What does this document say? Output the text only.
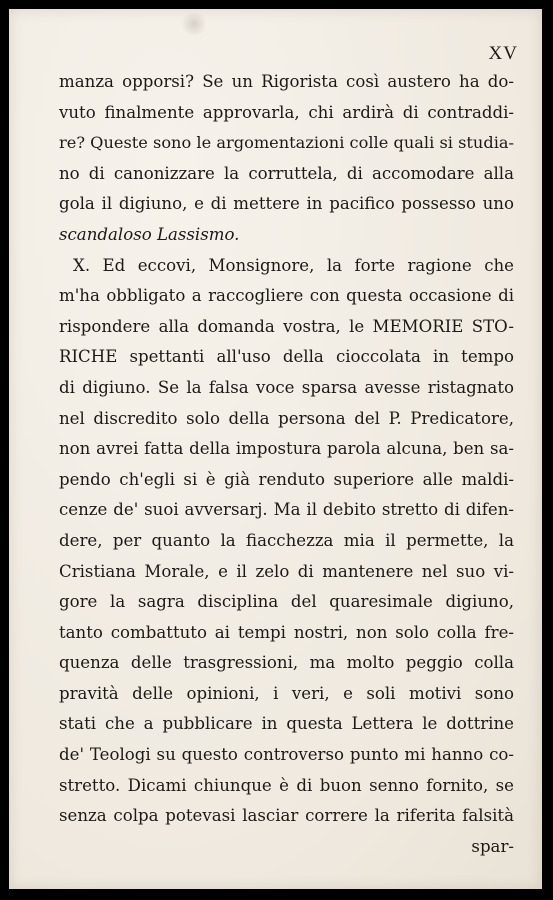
XV
manza opporsi? Se un Rigorista così austero ha do-
vuto finalmente approvarla, chi ardirà di contraddi-
re? Queste sono le argomentazioni colle quali si studia-
no di canonizzare la corruttela, di accomodare alla
gola il digiuno, e di mettere in pacifico possesso uno
scandaloso Lassismo.
X. Ed eccovi, Monsignore, la forte ragione che
m'ha obbligato a raccogliere con questa occasione di
rispondere alla domanda vostra, le MEMORIE STO-
RICHE spettanti all'uso della cioccolata in tempo
di digiuno. Se la falsa voce sparsa avesse ristagnato
nel discredito solo della persona del P. Predicatore,
non avrei fatta della impostura parola alcuna, ben sa-
pendo ch'egli si è già renduto superiore alle maldi-
cenze de' suoi avversarj. Ma il debito stretto di difen-
dere, per quanto la fiacchezza mia il permette, la
Cristiana Morale, e il zelo di mantenere nel suo vi-
gore la sagra disciplina del quaresimale digiuno,
tanto combattuto ai tempi nostri, non solo colla fre-
quenza delle trasgressioni, ma molto peggio colla
pravità delle opinioni, i veri, e soli motivi sono
stati che a pubblicare in questa Lettera le dottrine
de' Teologi su questo controverso punto mi hanno co-
stretto. Dicami chiunque è di buon senno fornito, se
senza colpa potevasi lasciar correre la riferita falsità
spar-
